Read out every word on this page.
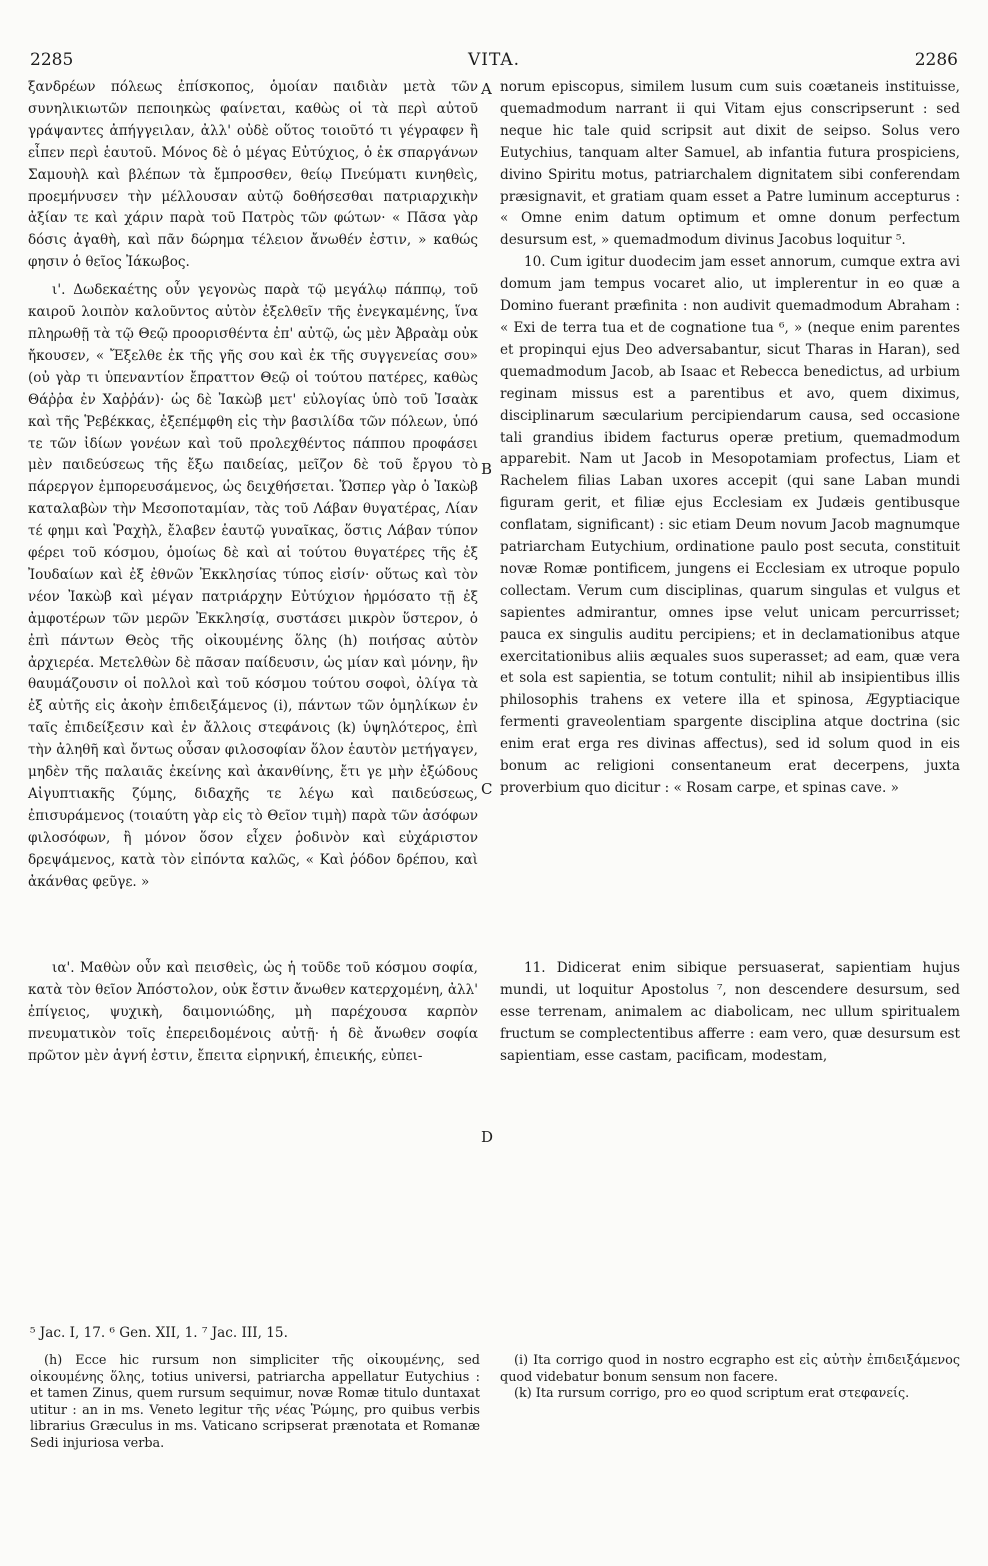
2285	VITA.	2286

ξανδρέων πόλεως ἐπίσκοπος, ὁμοίαν παιδιὰν μετὰ τῶν συνηλικιωτῶν πεποιηκὼς φαίνεται, καθὼς οἱ τὰ περὶ αὐτοῦ γράψαντες ἀπήγγειλαν, ἀλλ' οὐδὲ οὕτος τοιοῦτό τι γέγραφεν ἢ εἶπεν περὶ ἑαυτοῦ. Μόνος δὲ ὁ μέγας Εὐτύχιος, ὁ ἐκ σπαργάνων Σαμουὴλ καὶ βλέπων τὰ ἔμπροσθεν, θείῳ Πνεύματι κινηθεὶς, προεμήνυσεν τὴν μέλλουσαν αὐτῷ δοθήσεσθαι πατριαρχικὴν ἀξίαν τε καὶ χάριν παρὰ τοῦ Πατρὸς τῶν φώτων· « Πᾶσα γὰρ δόσις ἀγαθὴ, καὶ πᾶν δώρημα τέλειον ἄνωθέν ἐστιν, » καθώς φησιν ὁ θεῖος Ἰάκωβος.

ι'. Δωδεκαέτης οὖν γεγονὼς παρὰ τῷ μεγάλῳ πάππῳ, τοῦ καιροῦ λοιπὸν καλοῦντος αὐτὸν ἐξελθεῖν τῆς ἐνεγκαμένης, ἵνα πληρωθῇ τὰ τῷ Θεῷ προορισθέντα ἐπ' αὐτῷ, ὡς μὲν Ἀβραὰμ οὐκ ἤκουσεν, « Ἔξελθε ἐκ τῆς γῆς σου καὶ ἐκ τῆς συγγενείας σου» (οὐ γὰρ τι ὑπεναντίον ἔπραττον Θεῷ οἱ τούτου πατέρες, καθὼς Θάῤῥα ἐν Χαῤῥάν)· ὡς δὲ Ἰακὼβ μετ' εὐλογίας ὑπὸ τοῦ Ἰσαὰκ καὶ τῆς Ῥεβέκκας, ἐξεπέμφθη εἰς τὴν βασιλίδα τῶν πόλεων, ὑπό τε τῶν ἰδίων γονέων καὶ τοῦ προλεχθέντος πάππου προφάσει μὲν παιδεύσεως τῆς ἔξω παιδείας, μεῖζον δὲ τοῦ ἔργου τὸ πάρεργον ἐμπορευσάμενος, ὡς δειχθήσεται. Ὥσπερ γὰρ ὁ Ἰακὼβ καταλαβὼν τὴν Μεσοποταμίαν, τὰς τοῦ Λάβαν θυγατέρας, Λίαν τέ φημι καὶ Ῥαχὴλ, ἔλαβεν ἑαυτῷ γυναῖκας, ὅστις Λάβαν τύπον φέρει τοῦ κόσμου, ὁμοίως δὲ καὶ αἱ τούτου θυγατέρες τῆς ἐξ Ἰουδαίων καὶ ἐξ ἐθνῶν Ἐκκλησίας τύπος εἰσίν· οὕτως καὶ τὸν νέον Ἰακὼβ καὶ μέγαν πατριάρχην Εὐτύχιον ἡρμόσατο τῇ ἐξ ἀμφοτέρων τῶν μερῶν Ἐκκλησίᾳ, συστάσει μικρὸν ὕστερον, ὁ ἐπὶ πάντων Θεὸς τῆς οἰκουμένης ὅλης (h) ποιήσας αὐτὸν ἀρχιερέα. Μετελθὼν δὲ πᾶσαν παίδευσιν, ὡς μίαν καὶ μόνην, ἣν θαυμάζουσιν οἱ πολλοὶ καὶ τοῦ κόσμου τούτου σοφοὶ, ὀλίγα τὰ ἐξ αὐτῆς εἰς ἀκοὴν ἐπιδειξάμενος (i), πάντων τῶν ὁμηλίκων ἐν ταῖς ἐπιδείξεσιν καὶ ἐν ἄλλοις στεφάνοις (k) ὑψηλότερος, ἐπὶ τὴν ἀληθῆ καὶ ὄντως οὖσαν φιλοσοφίαν ὅλον ἑαυτὸν μετήγαγεν, μηδὲν τῆς παλαιᾶς ἐκείνης καὶ ἀκανθίνης, ἔτι γε μὴν ἐξώδους Αἰγυπτιακῆς ζύμης, διδαχῆς τε λέγω καὶ παιδεύσεως, ἐπισυράμενος (τοιαύτη γὰρ εἰς τὸ Θεῖον τιμὴ) παρὰ τῶν ἀσόφων φιλοσόφων, ἢ μόνον ὅσον εἶχεν ῥοδινὸν καὶ εὐχάριστον δρεψάμενος, κατὰ τὸν εἰπόντα καλῶς, « Καὶ ῥόδον δρέπου, καὶ ἀκάνθας φεῦγε. »

norum episcopus, similem lusum cum suis coætaneis instituisse, quemadmodum narrant ii qui Vitam ejus conscripserunt : sed neque hic tale quid scripsit aut dixit de seipso. Solus vero Eutychius, tanquam alter Samuel, ab infantia futura prospiciens, divino Spiritu motus, patriarchalem dignitatem sibi conferendam præsignavit, et gratiam quam esset a Patre luminum accepturus : « Omne enim datum optimum et omne donum perfectum desursum est, » quemadmodum divinus Jacobus loquitur ⁵.

10. Cum igitur duodecim jam esset annorum, cumque extra avi domum jam tempus vocaret alio, ut implerentur in eo quæ a Domino fuerant præfinita : non audivit quemadmodum Abraham : « Exi de terra tua et de cognatione tua ⁶, » (neque enim parentes et propinqui ejus Deo adversabantur, sicut Tharas in Haran), sed quemadmodum Jacob, ab Isaac et Rebecca benedictus, ad urbium reginam missus est a parentibus et avo, quem diximus, disciplinarum sæcularium percipiendarum causa, sed occasione tali grandius ibidem facturus operæ pretium, quemadmodum apparebit. Nam ut Jacob in Mesopotamiam profectus, Liam et Rachelem filias Laban uxores accepit (qui sane Laban mundi figuram gerit, et filiæ ejus Ecclesiam ex Judæis gentibusque conflatam, significant) : sic etiam Deum novum Jacob magnumque patriarcham Eutychium, ordinatione paulo post secuta, constituit novæ Romæ pontificem, jungens ei Ecclesiam ex utroque populo collectam. Verum cum disciplinas, quarum singulas et vulgus et sapientes admirantur, omnes ipse velut unicam percurrisset; pauca ex singulis auditu percipiens; et in declamationibus atque exercitationibus aliis æquales suos superasset; ad eam, quæ vera et sola est sapientia, se totum contulit; nihil ab insipientibus illis philosophis trahens ex vetere illa et spinosa, Ægyptiacique fermenti graveolentiam spargente disciplina atque doctrina (sic enim erat erga res divinas affectus), sed id solum quod in eis bonum ac religioni consentaneum erat decerpens, juxta proverbium quo dicitur : « Rosam carpe, et spinas cave. »

ια'. Μαθὼν οὖν καὶ πεισθεὶς, ὡς ἡ τοῦδε τοῦ κόσμου σοφία, κατὰ τὸν θεῖον Ἀπόστολον, οὐκ ἔστιν ἄνωθεν κατερχομένη, ἀλλ' ἐπίγειος, ψυχικὴ, δαιμονιώδης, μὴ παρέχουσα καρπὸν πνευματικὸν τοῖς ἐπερειδομένοις αὐτῇ· ἡ δὲ ἄνωθεν σοφία πρῶτον μὲν ἁγνή ἐστιν, ἔπειτα εἰρηνική, ἐπιεικής, εὐπει-

11. Didicerat enim sibique persuaserat, sapientiam hujus mundi, ut loquitur Apostolus ⁷, non descendere desursum, sed esse terrenam, animalem ac diabolicam, nec ullum spiritualem fructum se complectentibus afferre : eam vero, quæ desursum est sapientiam, esse castam, pacificam, modestam,

A
B
C
D
⁵ Jac. I, 17. ⁶ Gen. XII, 1. ⁷ Jac. III, 15.

(h) Ecce hic rursum non simpliciter τῆς οἰκουμένης, sed οἰκουμένης ὅλης, totius universi, patriarcha appellatur Eutychius : et tamen Zinus, quem rursum sequimur, novæ Romæ titulo duntaxat utitur : an in ms. Veneto legitur τῆς νέας Ῥώμης, pro quibus verbis librarius Græculus in ms. Vaticano scripserat prænotata et Romanæ Sedi injuriosa verba.

(i) Ita corrigo quod in nostro ecgrapho est εἰς αὐτὴν ἐπιδειξάμενος quod videbatur bonum sensum non facere.

(k) Ita rursum corrigo, pro eo quod scriptum erat στεφανείς.
